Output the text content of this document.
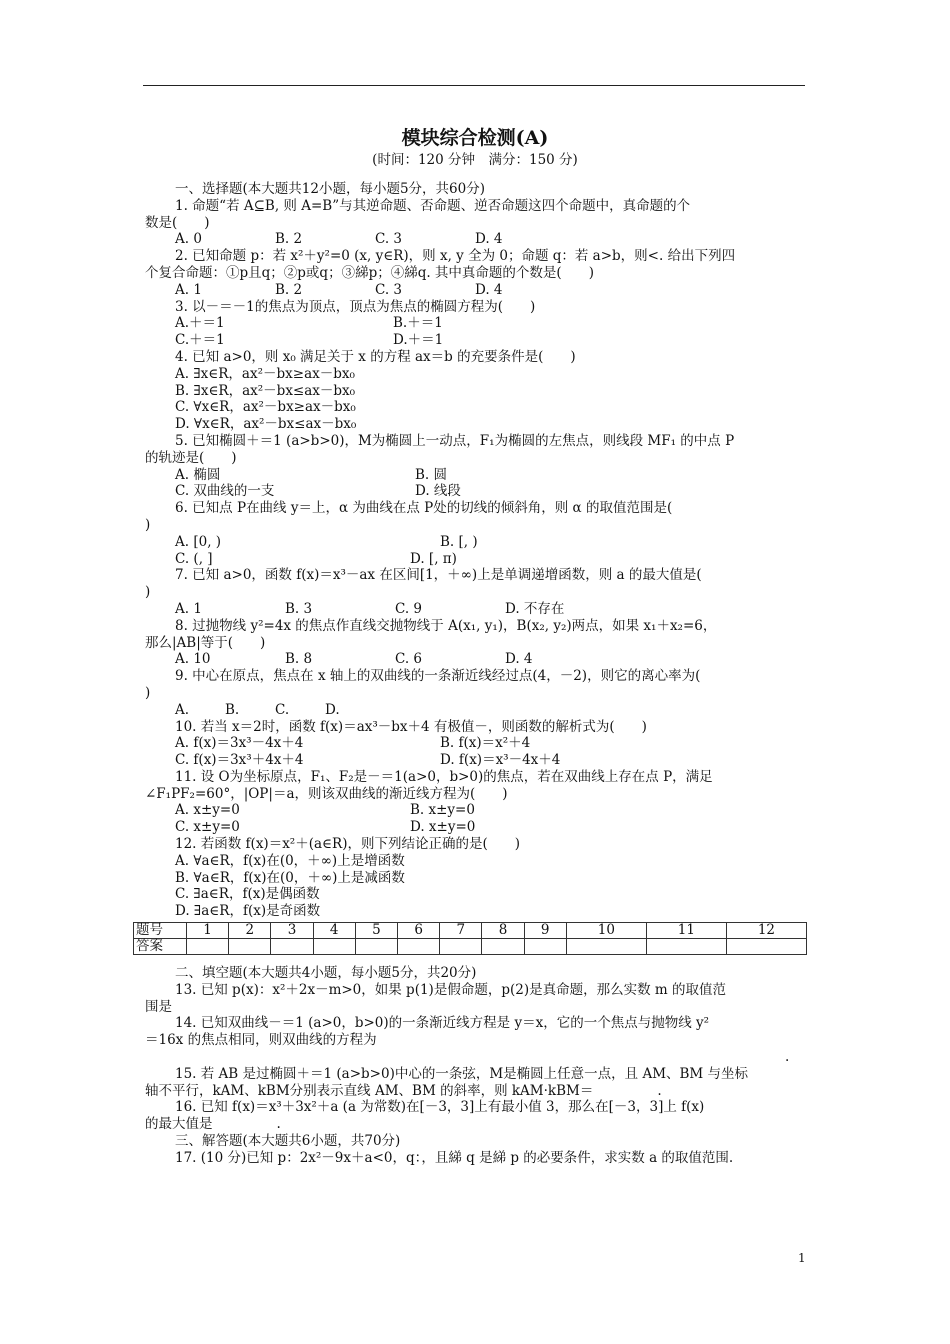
模块综合检测(A)
(时间：120 分钟　满分：150 分)
一、选择题(本大题共12小题，每小题5分，共60分)
1. 命题“若 A⊆B, 则 A=B”与其逆命题、否命题、逆否命题这四个命题中，真命题的个
数是(　　)
A. 0	B. 2	C. 3	D. 4
2. 已知命题 p：若 x²＋y²=0 (x, y∈R)，则 x, y 全为 0；命题 q：若 a>b，则<. 给出下列四
个复合命题：①p且q；②p或q；③綈p；④綈q. 其中真命题的个数是(　　)
A. 1	B. 2	C. 3	D. 4
3. 以－＝－1的焦点为顶点，顶点为焦点的椭圆方程为(　　)
A.＋＝1	B.＋＝1
C.＋＝1	D.＋＝1
4. 已知 a>0，则 x₀ 满足关于 x 的方程 ax＝b 的充要条件是(　　)
A. ∃x∈R，ax²－bx≥ax－bx₀
B. ∃x∈R，ax²－bx≤ax－bx₀
C. ∀x∈R，ax²－bx≥ax－bx₀
D. ∀x∈R，ax²－bx≤ax－bx₀
5. 已知椭圆＋＝1 (a>b>0)，M为椭圆上一动点，F₁为椭圆的左焦点，则线段 MF₁ 的中点 P
的轨迹是(　　)
A. 椭圆	B. 圆
C. 双曲线的一支	D. 线段
6. 已知点 P在曲线 y＝上，α 为曲线在点 P处的切线的倾斜角，则 α 的取值范围是(
)
A. [0, )	B. [, )
C. (, ]	D. [, π)
7. 已知 a>0，函数 f(x)＝x³－ax 在区间[1，＋∞)上是单调递增函数，则 a 的最大值是(
)
A. 1	B. 3	C. 9	D. 不存在
8. 过抛物线 y²=4x 的焦点作直线交抛物线于 A(x₁, y₁)，B(x₂, y₂)两点，如果 x₁＋x₂=6，
那么|AB|等于(　　)
A. 10	B. 8	C. 6	D. 4
9. 中心在原点，焦点在 x 轴上的双曲线的一条渐近线经过点(4，－2)，则它的离心率为(
)
A.	B.	C.	D.
10. 若当 x＝2时，函数 f(x)＝ax³－bx＋4 有极值－，则函数的解析式为(　　)
A. f(x)＝3x³－4x＋4	B. f(x)＝x²＋4
C. f(x)＝3x³＋4x＋4	D. f(x)＝x³－4x＋4
11. 设 O为坐标原点，F₁、F₂是－＝1(a>0，b>0)的焦点，若在双曲线上存在点 P，满足
∠F₁PF₂=60°，|OP|＝a，则该双曲线的渐近线方程为(　　)
A. x±y=0	B. x±y=0
C. x±y=0	D. x±y=0
12. 若函数 f(x)＝x²＋(a∈R)，则下列结论正确的是(　　)
A. ∀a∈R，f(x)在(0，＋∞)上是增函数
B. ∀a∈R，f(x)在(0，＋∞)上是减函数
C. ∃a∈R，f(x)是偶函数
D. ∃a∈R，f(x)是奇函数
题号	1	2	3	4	5	6	7	8	9	10	11	12
答案												
二、填空题(本大题共4小题，每小题5分，共20分)
13. 已知 p(x)：x²＋2x－m>0，如果 p(1)是假命题，p(2)是真命题，那么实数 m 的取值范
围是
14. 已知双曲线－＝1 (a>0，b>0)的一条渐近线方程是 y＝x，它的一个焦点与抛物线 y²
＝16x 的焦点相同，则双曲线的方程为
.
15. 若 AB 是过椭圆＋＝1 (a>b>0)中心的一条弦，M是椭圆上任意一点，且 AM、BM 与坐标
轴不平行，kAM、kBM分别表示直线 AM、BM 的斜率，则 kAM·kBM＝	.
16. 已知 f(x)＝x³＋3x²＋a (a 为常数)在[－3，3]上有最小值 3，那么在[－3，3]上 f(x)
的最大值是	.
三、解答题(本大题共6小题，共70分)
17. (10 分)已知 p：2x²－9x＋a<0，q：，且綈 q 是綈 p 的必要条件，求实数 a 的取值范围.
1
